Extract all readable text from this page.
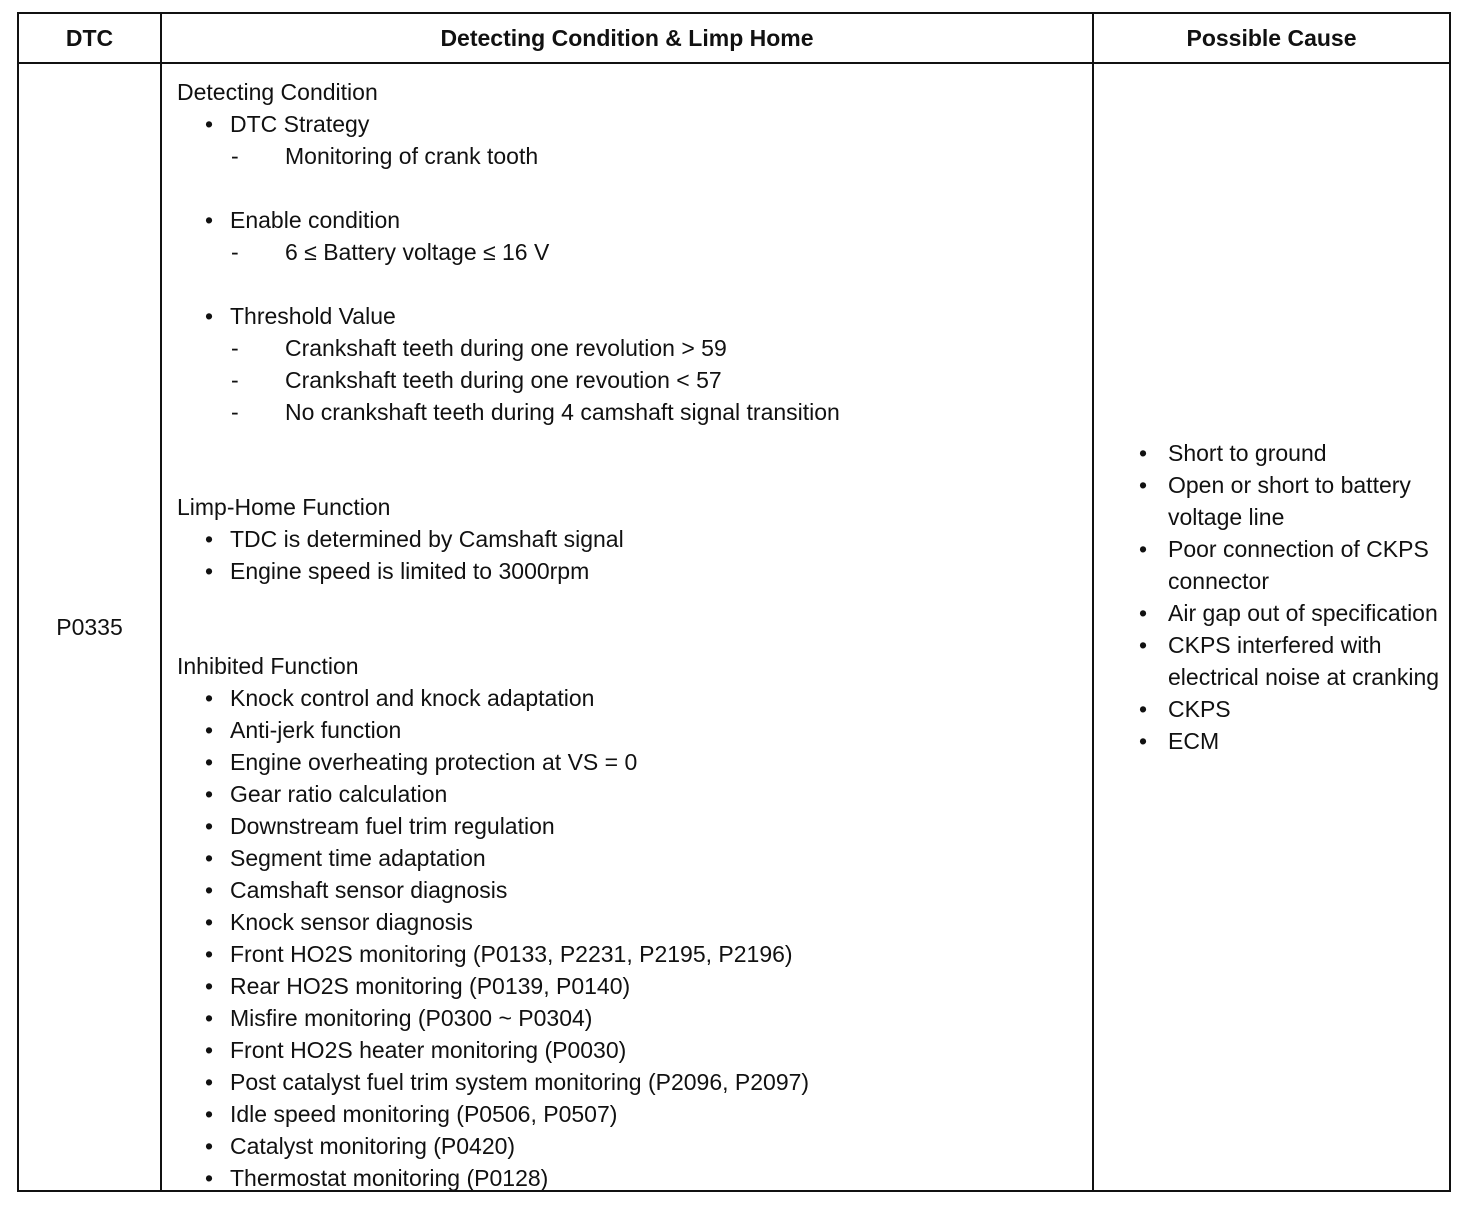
DTC	Detecting Condition & Limp Home	Possible Cause
P0335
Detecting Condition
• DTC Strategy
- Monitoring of crank tooth
• Enable condition
- 6 ≤ Battery voltage ≤ 16 V
• Threshold Value
- Crankshaft teeth during one revolution > 59
- Crankshaft teeth during one revoution < 57
- No crankshaft teeth during 4 camshaft signal transition
Limp-Home Function
• TDC is determined by Camshaft signal
• Engine speed is limited to 3000rpm
Inhibited Function
• Knock control and knock adaptation
• Anti-jerk function
• Engine overheating protection at VS = 0
• Gear ratio calculation
• Downstream fuel trim regulation
• Segment time adaptation
• Camshaft sensor diagnosis
• Knock sensor diagnosis
• Front HO2S monitoring (P0133, P2231, P2195, P2196)
• Rear HO2S monitoring (P0139, P0140)
• Misfire monitoring (P0300 ~ P0304)
• Front HO2S heater monitoring (P0030)
• Post catalyst fuel trim system monitoring (P2096, P2097)
• Idle speed monitoring (P0506, P0507)
• Catalyst monitoring (P0420)
• Thermostat monitoring (P0128)
• Short to ground
• Open or short to battery voltage line
• Poor connection of CKPS connector
• Air gap out of specification
• CKPS interfered with electrical noise at cranking
• CKPS
• ECM
